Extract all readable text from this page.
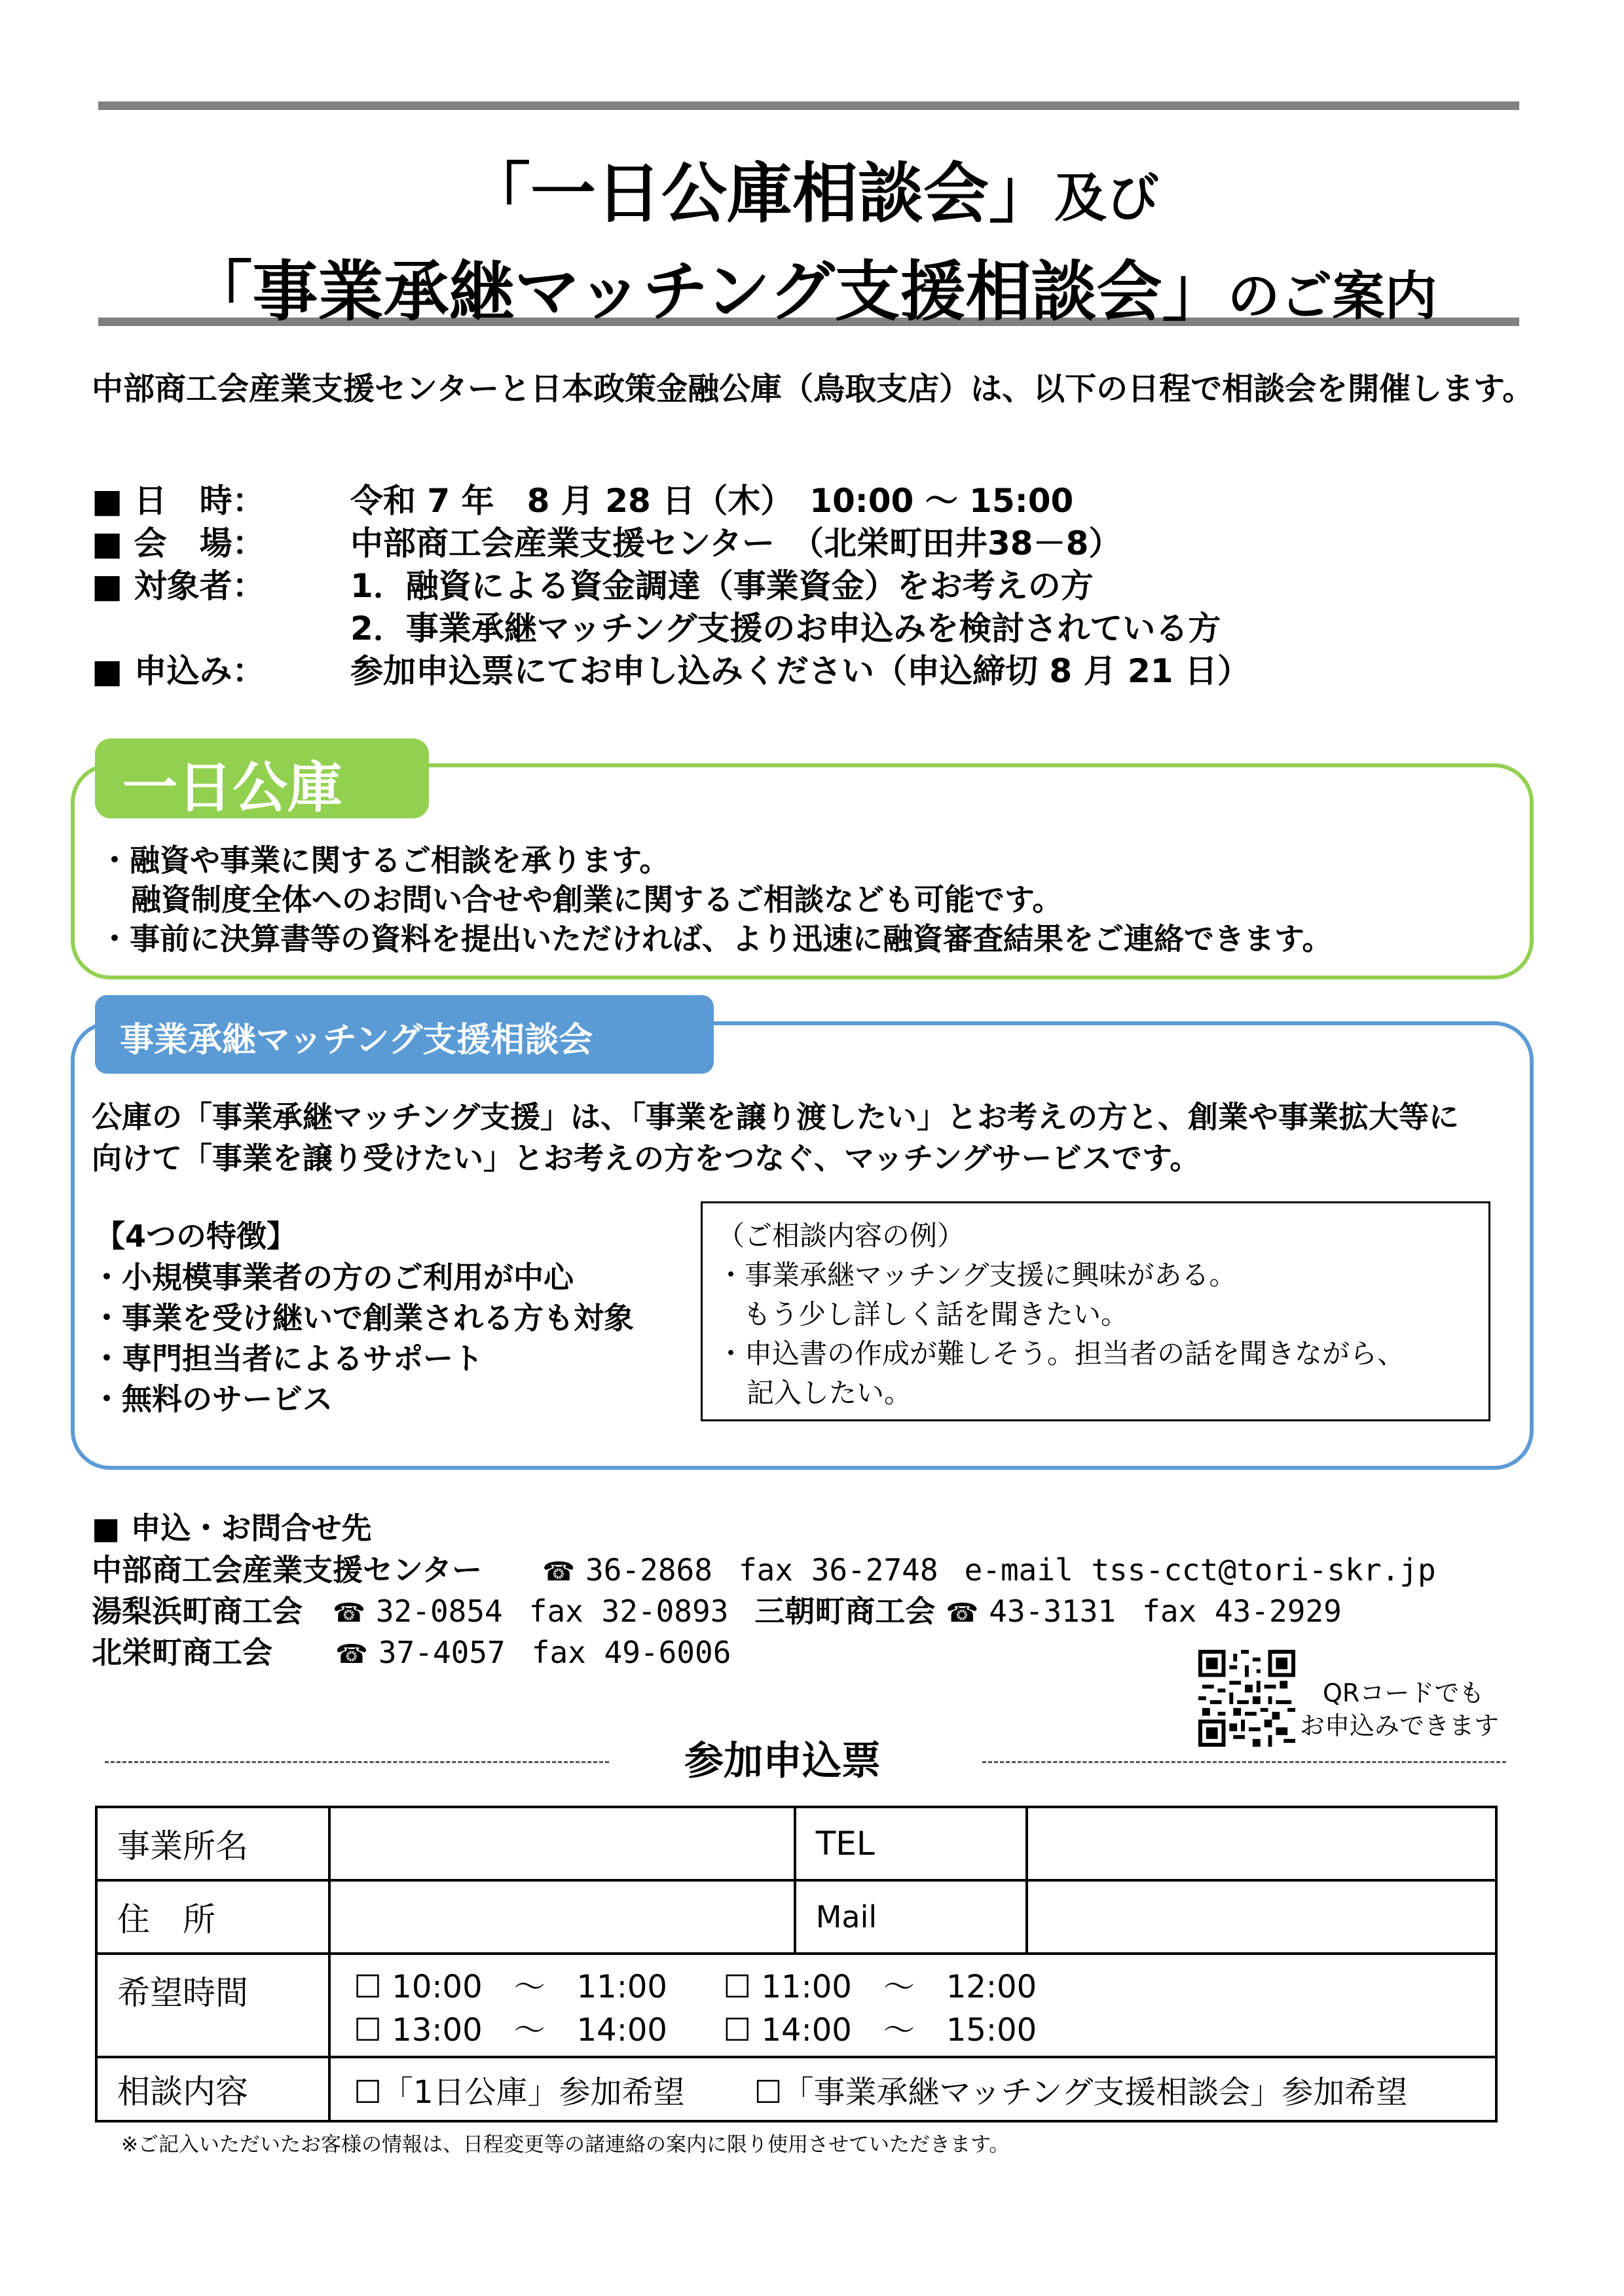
「一日公庫相談会」及び
「事業承継マッチング支援相談会」のご案内
中部商工会産業支援センターと日本政策金融公庫（鳥取支店）は、以下の日程で相談会を開催します。
■ 日　時：	令和 7 年　8 月 28 日（木）　10:00 ～ 15:00
■ 会　場：	中部商工会産業支援センター　（北栄町田井38－8）
■ 対象者：	1．融資による資金調達（事業資金）をお考えの方
2．事業承継マッチング支援のお申込みを検討されている方
■ 申込み：	参加申込票にてお申し込みください（申込締切 8 月 21 日）
一日公庫
・融資や事業に関するご相談を承ります。
融資制度全体へのお問い合せや創業に関するご相談なども可能です。
・事前に決算書等の資料を提出いただければ、より迅速に融資審査結果をご連絡できます。
事業承継マッチング支援相談会
公庫の「事業承継マッチング支援」は、「事業を譲り渡したい」とお考えの方と、創業や事業拡大等に
向けて「事業を譲り受けたい」とお考えの方をつなぐ、マッチングサービスです。
【4つの特徴】
・小規模事業者の方のご利用が中心
・事業を受け継いで創業される方も対象
・専門担当者によるサポート
・無料のサービス
（ご相談内容の例）
・事業承継マッチング支援に興味がある。
もう少し詳しく話を聞きたい。
・申込書の作成が難しそう。担当者の話を聞きながら、
記入したい。
■ 申込・お問合せ先
中部商工会産業支援センター ☎ 36-2868 fax 36-2748 e-mail tss-cct@tori-skr.jp
湯梨浜町商工会 ☎ 32-0854 fax 32-0893 三朝町商工会 ☎ 43-3131 fax 43-2929
北栄町商工会 ☎ 37-4057 fax 49-6006
QRコードでも
お申込みできます
参加申込票
事業所名		TEL	
住　所		Mail	
希望時間	☐ 10:00　～　11:00 ☐ 11:00　～　12:00
☐ 13:00　～　14:00 ☐ 14:00　～　15:00		

相談内容	☐「1日公庫」参加希望 ☐「事業承継マッチング支援相談会」参加希望		
※ご記入いただいたお客様の情報は、日程変更等の諸連絡の案内に限り使用させていただきます。
